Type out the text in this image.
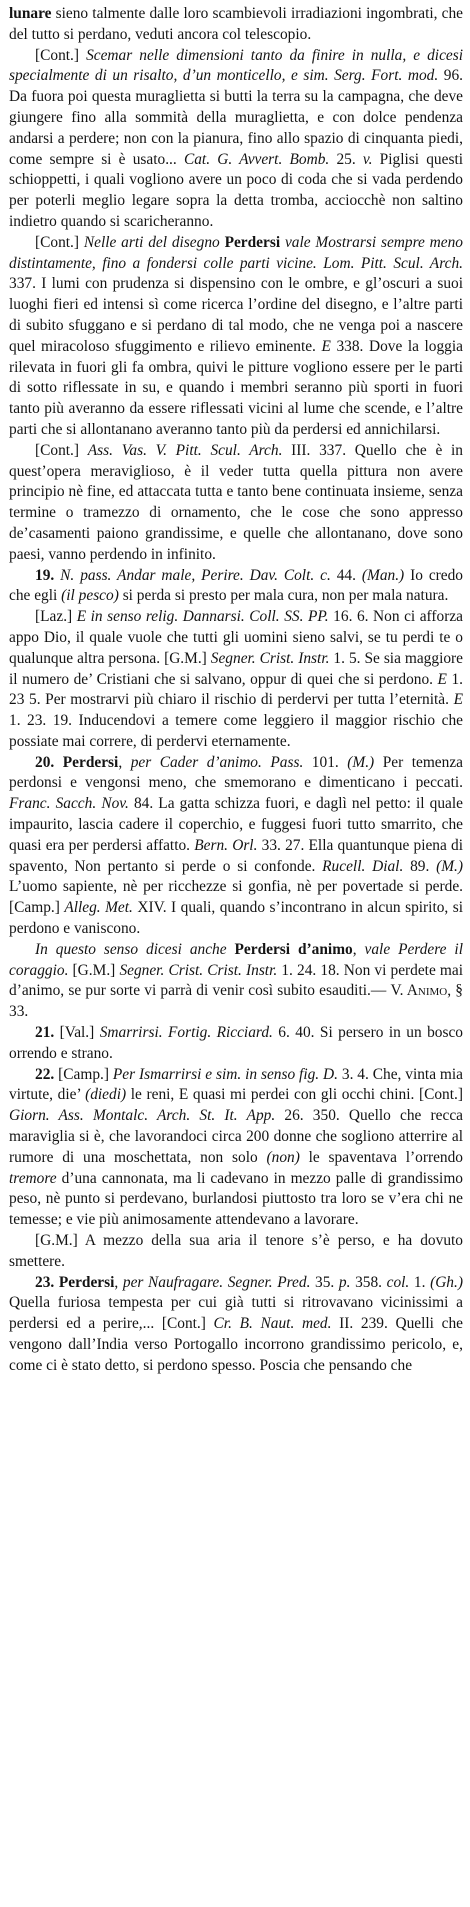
lunare sieno talmente dalle loro scambievoli irradiazioni ingombrati, che del tutto si perdano, veduti ancora col telescopio.

[Cont.] Scemar nelle dimensioni tanto da finire in nulla, e dicesi specialmente di un risalto, d’un monticello, e sim. Serg. Fort. mod. 96. Da fuora poi questa muraglietta si butti la terra su la campagna, che deve giungere fino alla sommità della muraglietta, e con dolce pendenza andarsi a perdere; non con la pianura, fino allo spazio di cinquanta piedi, come sempre si è usato... Cat. G. Avvert. Bomb. 25. v. Piglisi questi schioppetti, i quali vogliono avere un poco di coda che si vada perdendo per poterli meglio legare sopra la detta tromba, acciocchè non saltino indietro quando si scaricheranno.

[Cont.] Nelle arti del disegno Perdersi vale Mostrarsi sempre meno distintamente, fino a fondersi colle parti vicine. Lom. Pitt. Scul. Arch. 337. I lumi con prudenza si dispensino con le ombre, e gl’oscuri a suoi luoghi fieri ed intensi sì come ricerca l’ordine del disegno, e l’altre parti di subito sfuggano e si perdano di tal modo, che ne venga poi a nascere quel miracoloso sfuggimento e rilievo eminente. E 338. Dove la loggia rilevata in fuori gli fa ombra, quivi le pitture vogliono essere per le parti di sotto riflessate in su, e quando i membri seranno più sporti in fuori tanto più averanno da essere riflessati vicini al lume che scende, e l’altre parti che si allontanano averanno tanto più da perdersi ed annichilarsi.

[Cont.] Ass. Vas. V. Pitt. Scul. Arch. III. 337. Quello che è in quest’opera meraviglioso, è il veder tutta quella pittura non avere principio nè fine, ed attaccata tutta e tanto bene continuata insieme, senza termine o tramezzo di ornamento, che le cose che sono appresso de’casamenti paiono grandissime, e quelle che allontanano, dove sono paesi, vanno perdendo in infinito.

19. N. pass. Andar male, Perire. Dav. Colt. c. 44. (Man.) Io credo che egli (il pesco) si perda si presto per mala cura, non per mala natura.

[Laz.] E in senso relig. Dannarsi. Coll. SS. PP. 16. 6. Non ci afforza appo Dio, il quale vuole che tutti gli uomini sieno salvi, se tu perdi te o qualunque altra persona. [G.M.] Segner. Crist. Instr. 1. 5. Se sia maggiore il numero de’ Cristiani che si salvano, oppur di quei che si perdono. E 1. 23 5. Per mostrarvi più chiaro il rischio di perdervi per tutta l’eternità. E 1. 23. 19. Inducendovi a temere come leggiero il maggior rischio che possiate mai correre, di perdervi eternamente.

20. Perdersi, per Cader d’animo. Pass. 101. (M.) Per temenza perdonsi e vengonsi meno, che smemorano e dimenticano i peccati. Franc. Sacch. Nov. 84. La gatta schizza fuori, e daglì nel petto: il quale impaurito, lascia cadere il coperchio, e fuggesi fuori tutto smarrito, che quasi era per perdersi affatto. Bern. Orl. 33. 27. Ella quantunque piena di spavento, Non pertanto si perde o si confonde. Rucell. Dial. 89. (M.) L’uomo sapiente, nè per ricchezze si gonfia, nè per povertade si perde. [Camp.] Alleg. Met. XIV. I quali, quando s’incontrano in alcun spirito, si perdono e vaniscono.

In questo senso dicesi anche Perdersi d’animo, vale Perdere il coraggio. [G.M.] Segner. Crist. Crist. Instr. 1. 24. 18. Non vi perdete mai d’animo, se pur sorte vi parrà di venir così subito esauditi.— V. Animo, § 33.

21. [Val.] Smarrirsi. Fortig. Ricciard. 6. 40. Si persero in un bosco orrendo e strano.

22. [Camp.] Per Ismarrirsi e sim. in senso fig. D. 3. 4. Che, vinta mia virtute, die’ (diedi) le reni, E quasi mi perdei con gli occhi chini. [Cont.] Giorn. Ass. Montalc. Arch. St. It. App. 26. 350. Quello che recca maraviglia si è, che lavorandoci circa 200 donne che sogliono atterrire al rumore di una moschettata, non solo (non) le spaventava l’orrendo tremore d’una cannonata, ma li cadevano in mezzo palle di grandissimo peso, nè punto si perdevano, burlandosi piuttosto tra loro se v’era chi ne temesse; e vie più animosamente attendevano a lavorare.

[G.M.] A mezzo della sua aria il tenore s’è perso, e ha dovuto smettere.

23. Perdersi, per Naufragare. Segner. Pred. 35. p. 358. col. 1. (Gh.) Quella furiosa tempesta per cui già tutti si ritrovavano vicinissimi a perdersi ed a perire,... [Cont.] Cr. B. Naut. med. II. 239. Quelli che vengono dall’India verso Portogallo incorrono grandissimo pericolo, e, come ci è stato detto, si perdono spesso. Poscia che pensando che
